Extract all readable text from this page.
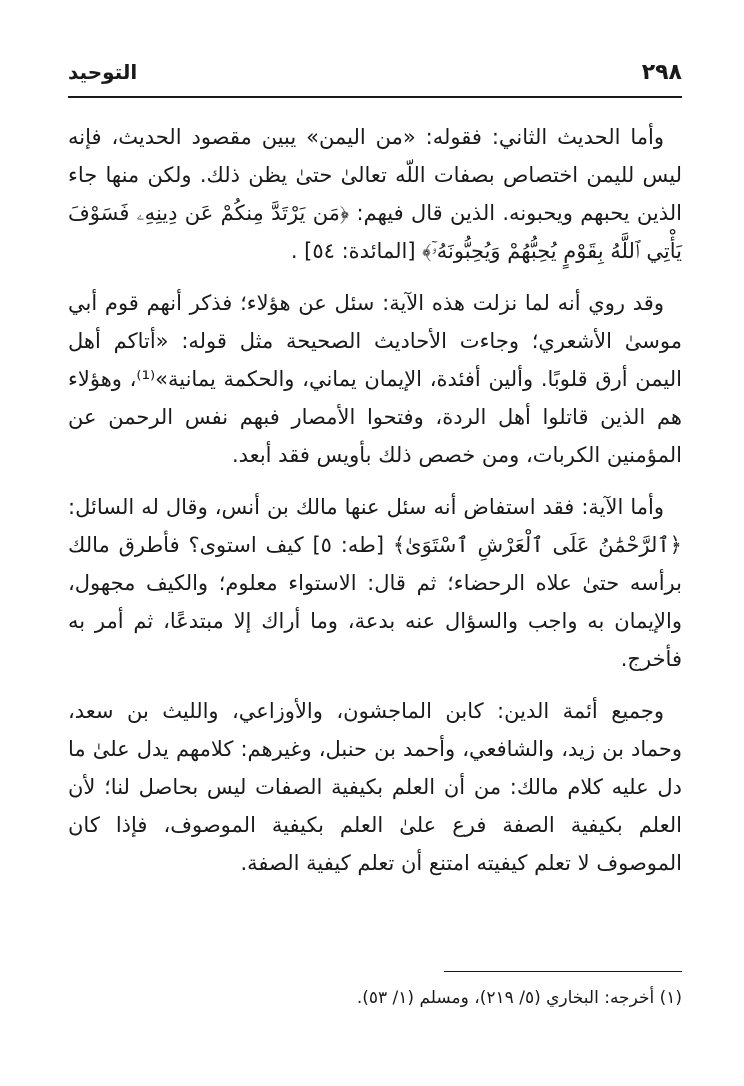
٢٩٨
التوحيد

وأما الحديث الثاني: فقوله: «من اليمن» يبين مقصود الحديث، فإنه ليس لليمن اختصاص بصفات اللّه تعالىٰ حتىٰ يظن ذلك. ولكن منها جاء الذين يحبهم ويحبونه. الذين قال فيهم: ﴿مَن يَرْتَدَّ مِنكُمْ عَن دِينِهِۦ فَسَوْفَ يَأْتِي ٱللَّهُ بِقَوْمٍ يُحِبُّهُمْ وَيُحِبُّونَهُۥٓ﴾ [المائدة: ٥٤] .

وقد روي أنه لما نزلت هذه الآية: سئل عن هؤلاء؛ فذكر أنهم قوم أبي موسىٰ الأشعري؛ وجاءت الأحاديث الصحيحة مثل قوله: «أتاكم أهل اليمن أرق قلوبًا. وألين أفئدة، الإيمان يماني، والحكمة يمانية»⁽¹⁾، وهؤلاء هم الذين قاتلوا أهل الردة، وفتحوا الأمصار فبهم نفس الرحمن عن المؤمنين الكربات، ومن خصص ذلك بأويس فقد أبعد.

وأما الآية: فقد استفاض أنه سئل عنها مالك بن أنس، وقال له السائل: ﴿ٱلرَّحْمَٰنُ عَلَى ٱلْعَرْشِ ٱسْتَوَىٰ﴾ [طه: ٥] كيف استوى؟ فأطرق مالك برأسه حتىٰ علاه الرحضاء؛ ثم قال: الاستواء معلوم؛ والكيف مجهول، والإيمان به واجب والسؤال عنه بدعة، وما أراك إلا مبتدعًا، ثم أمر به فأخرج.

وجميع أئمة الدين: كابن الماجشون، والأوزاعي، والليث بن سعد، وحماد بن زيد، والشافعي، وأحمد بن حنبل، وغيرهم: كلامهم يدل علىٰ ما دل عليه كلام مالك: من أن العلم بكيفية الصفات ليس بحاصل لنا؛ لأن العلم بكيفية الصفة فرع علىٰ العلم بكيفية الموصوف، فإذا كان الموصوف لا تعلم كيفيته امتنع أن تعلم كيفية الصفة.

(١) أخرجه: البخاري (٥/ ٢١٩)، ومسلم (١/ ٥٣).
